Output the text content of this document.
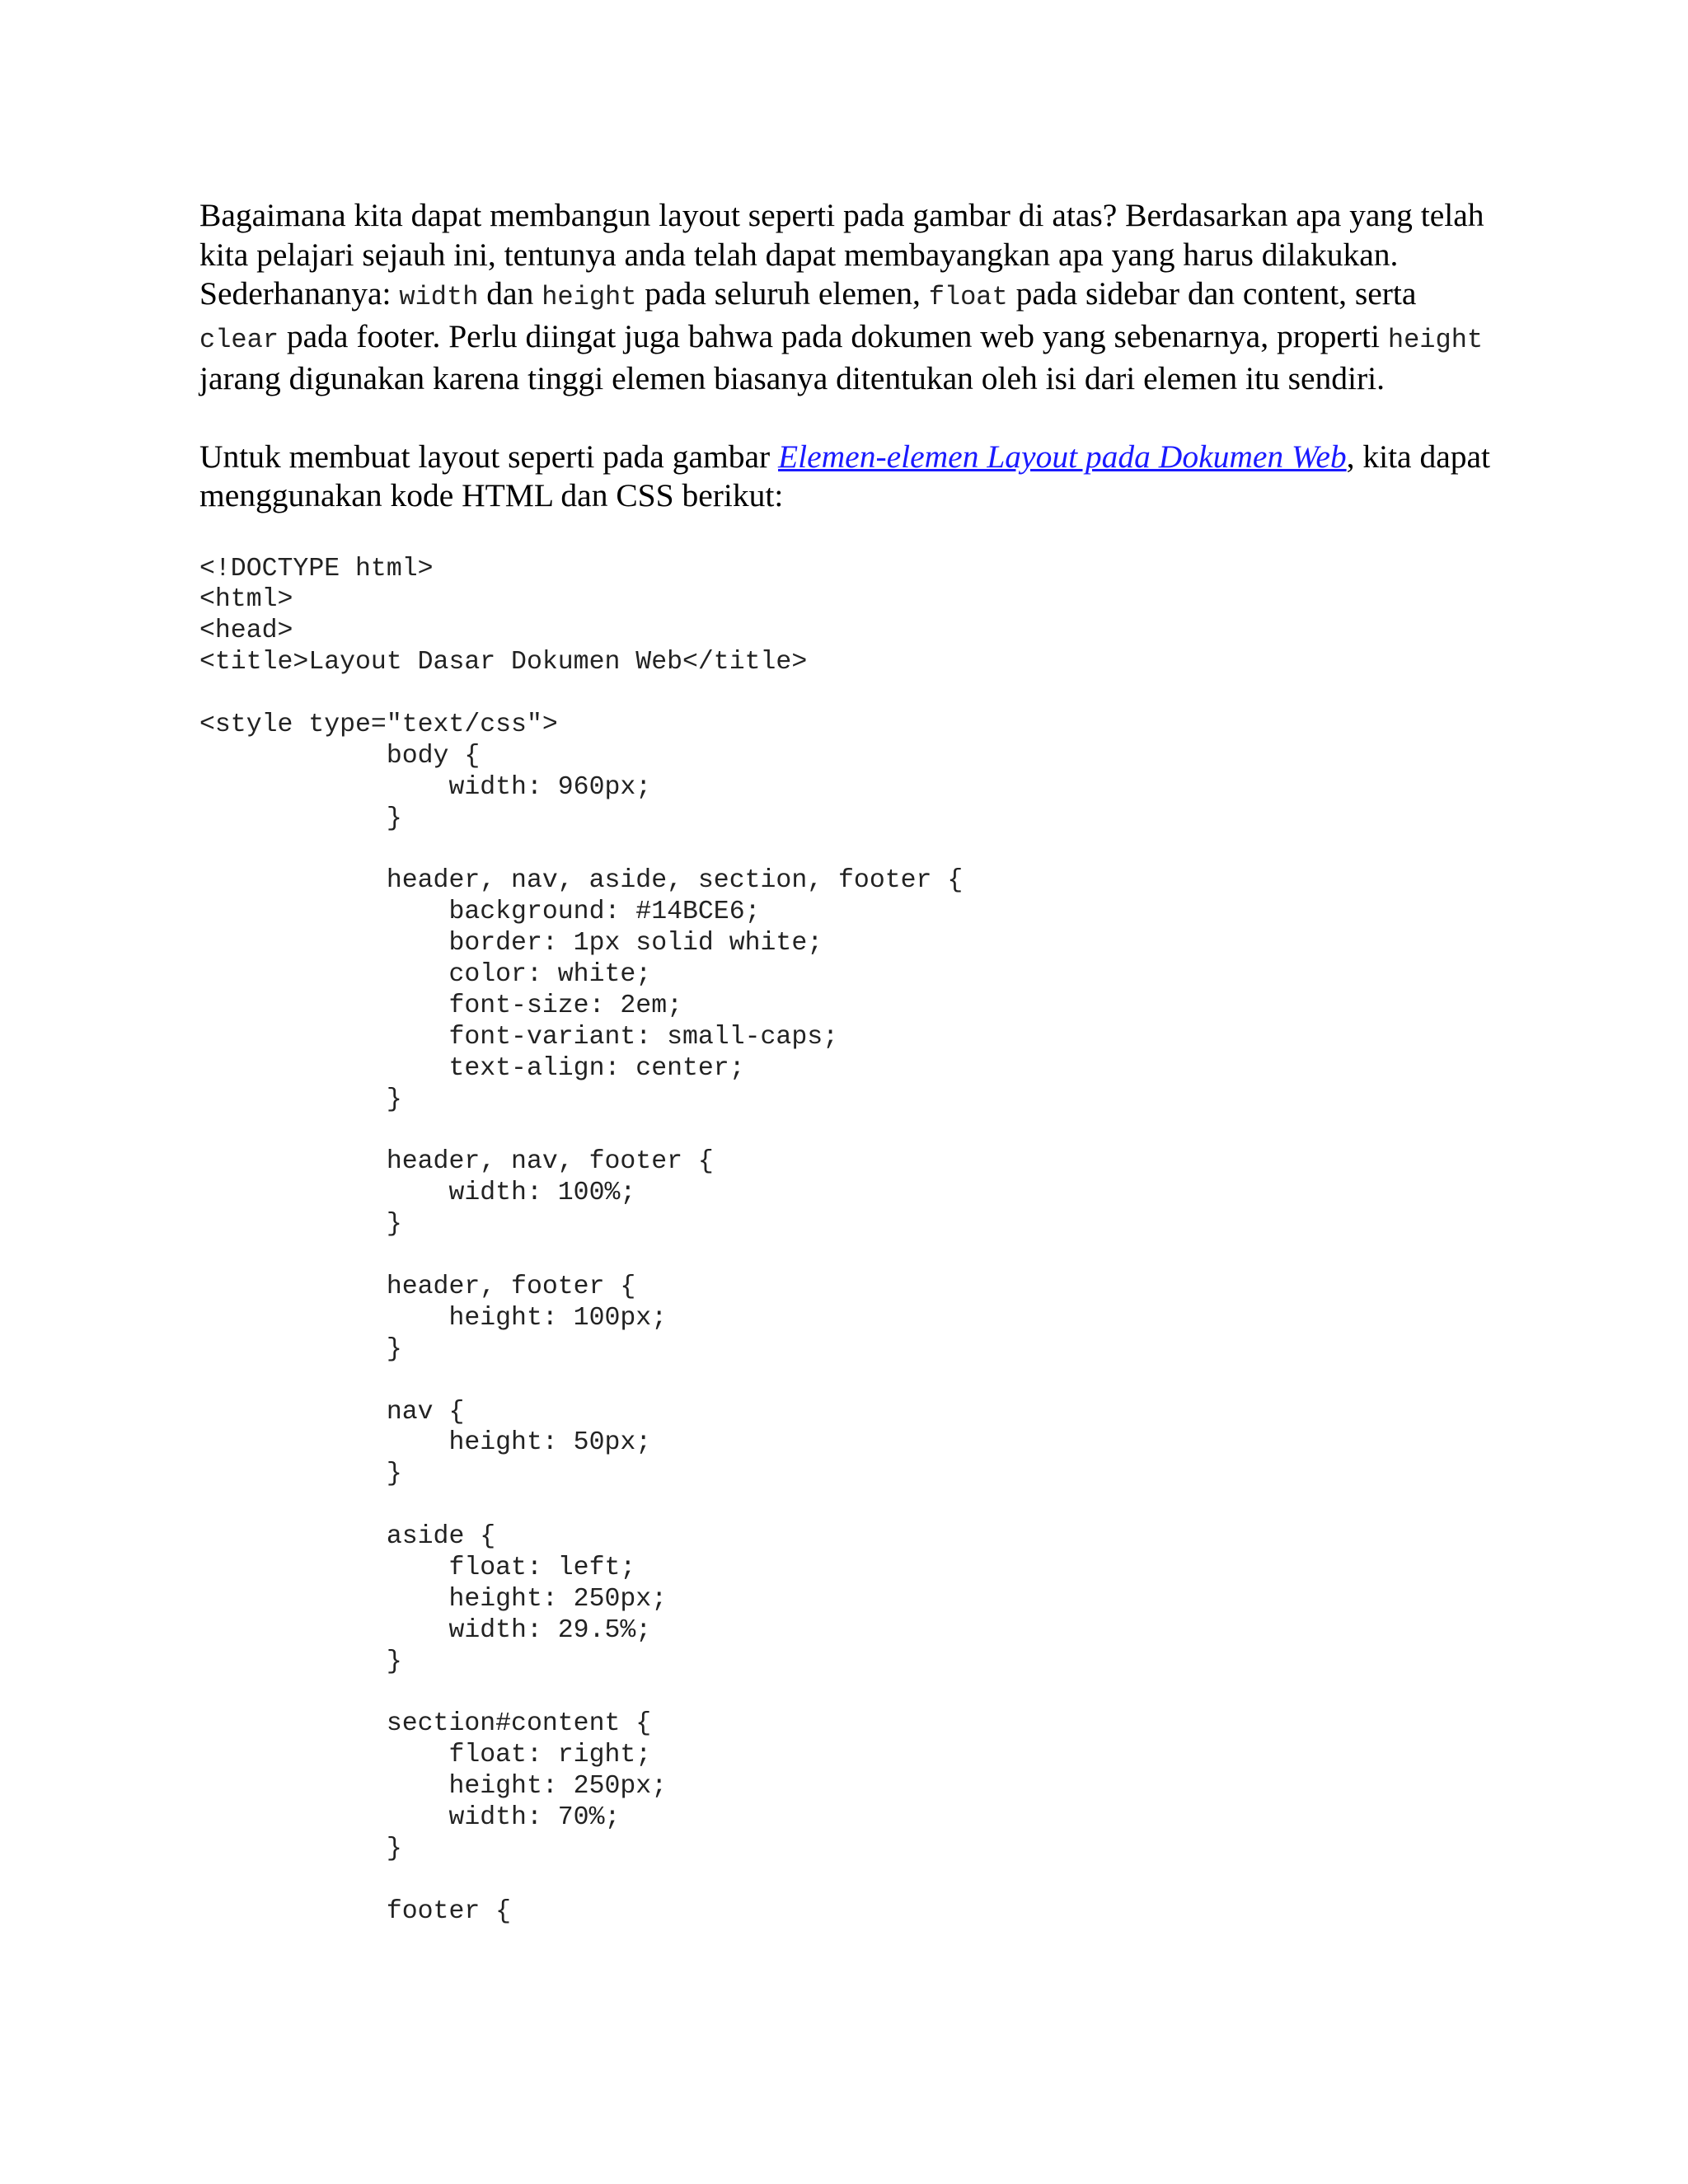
Bagaimana kita dapat membangun layout seperti pada gambar di atas? Berdasarkan apa yang telah kita pelajari sejauh ini, tentunya anda telah dapat membayangkan apa yang harus dilakukan. Sederhananya: width dan height pada seluruh elemen, float pada sidebar dan content, serta clear pada footer. Perlu diingat juga bahwa pada dokumen web yang sebenarnya, properti height jarang digunakan karena tinggi elemen biasanya ditentukan oleh isi dari elemen itu sendiri.

Untuk membuat layout seperti pada gambar Elemen-elemen Layout pada Dokumen Web, kita dapat menggunakan kode HTML dan CSS berikut:

<!DOCTYPE html>
<html>
<head>
<title>Layout Dasar Dokumen Web</title>
<style type="text/css">
body {
width: 960px;
}
header, nav, aside, section, footer {
background: #14BCE6;
border: 1px solid white;
color: white;
font-size: 2em;
font-variant: small-caps;
text-align: center;
}
header, nav, footer {
width: 100%;
}
header, footer {
height: 100px;
}
nav {
height: 50px;
}
aside {
float: left;
height: 250px;
width: 29.5%;
}
section#content {
float: right;
height: 250px;
width: 70%;
}
footer {
